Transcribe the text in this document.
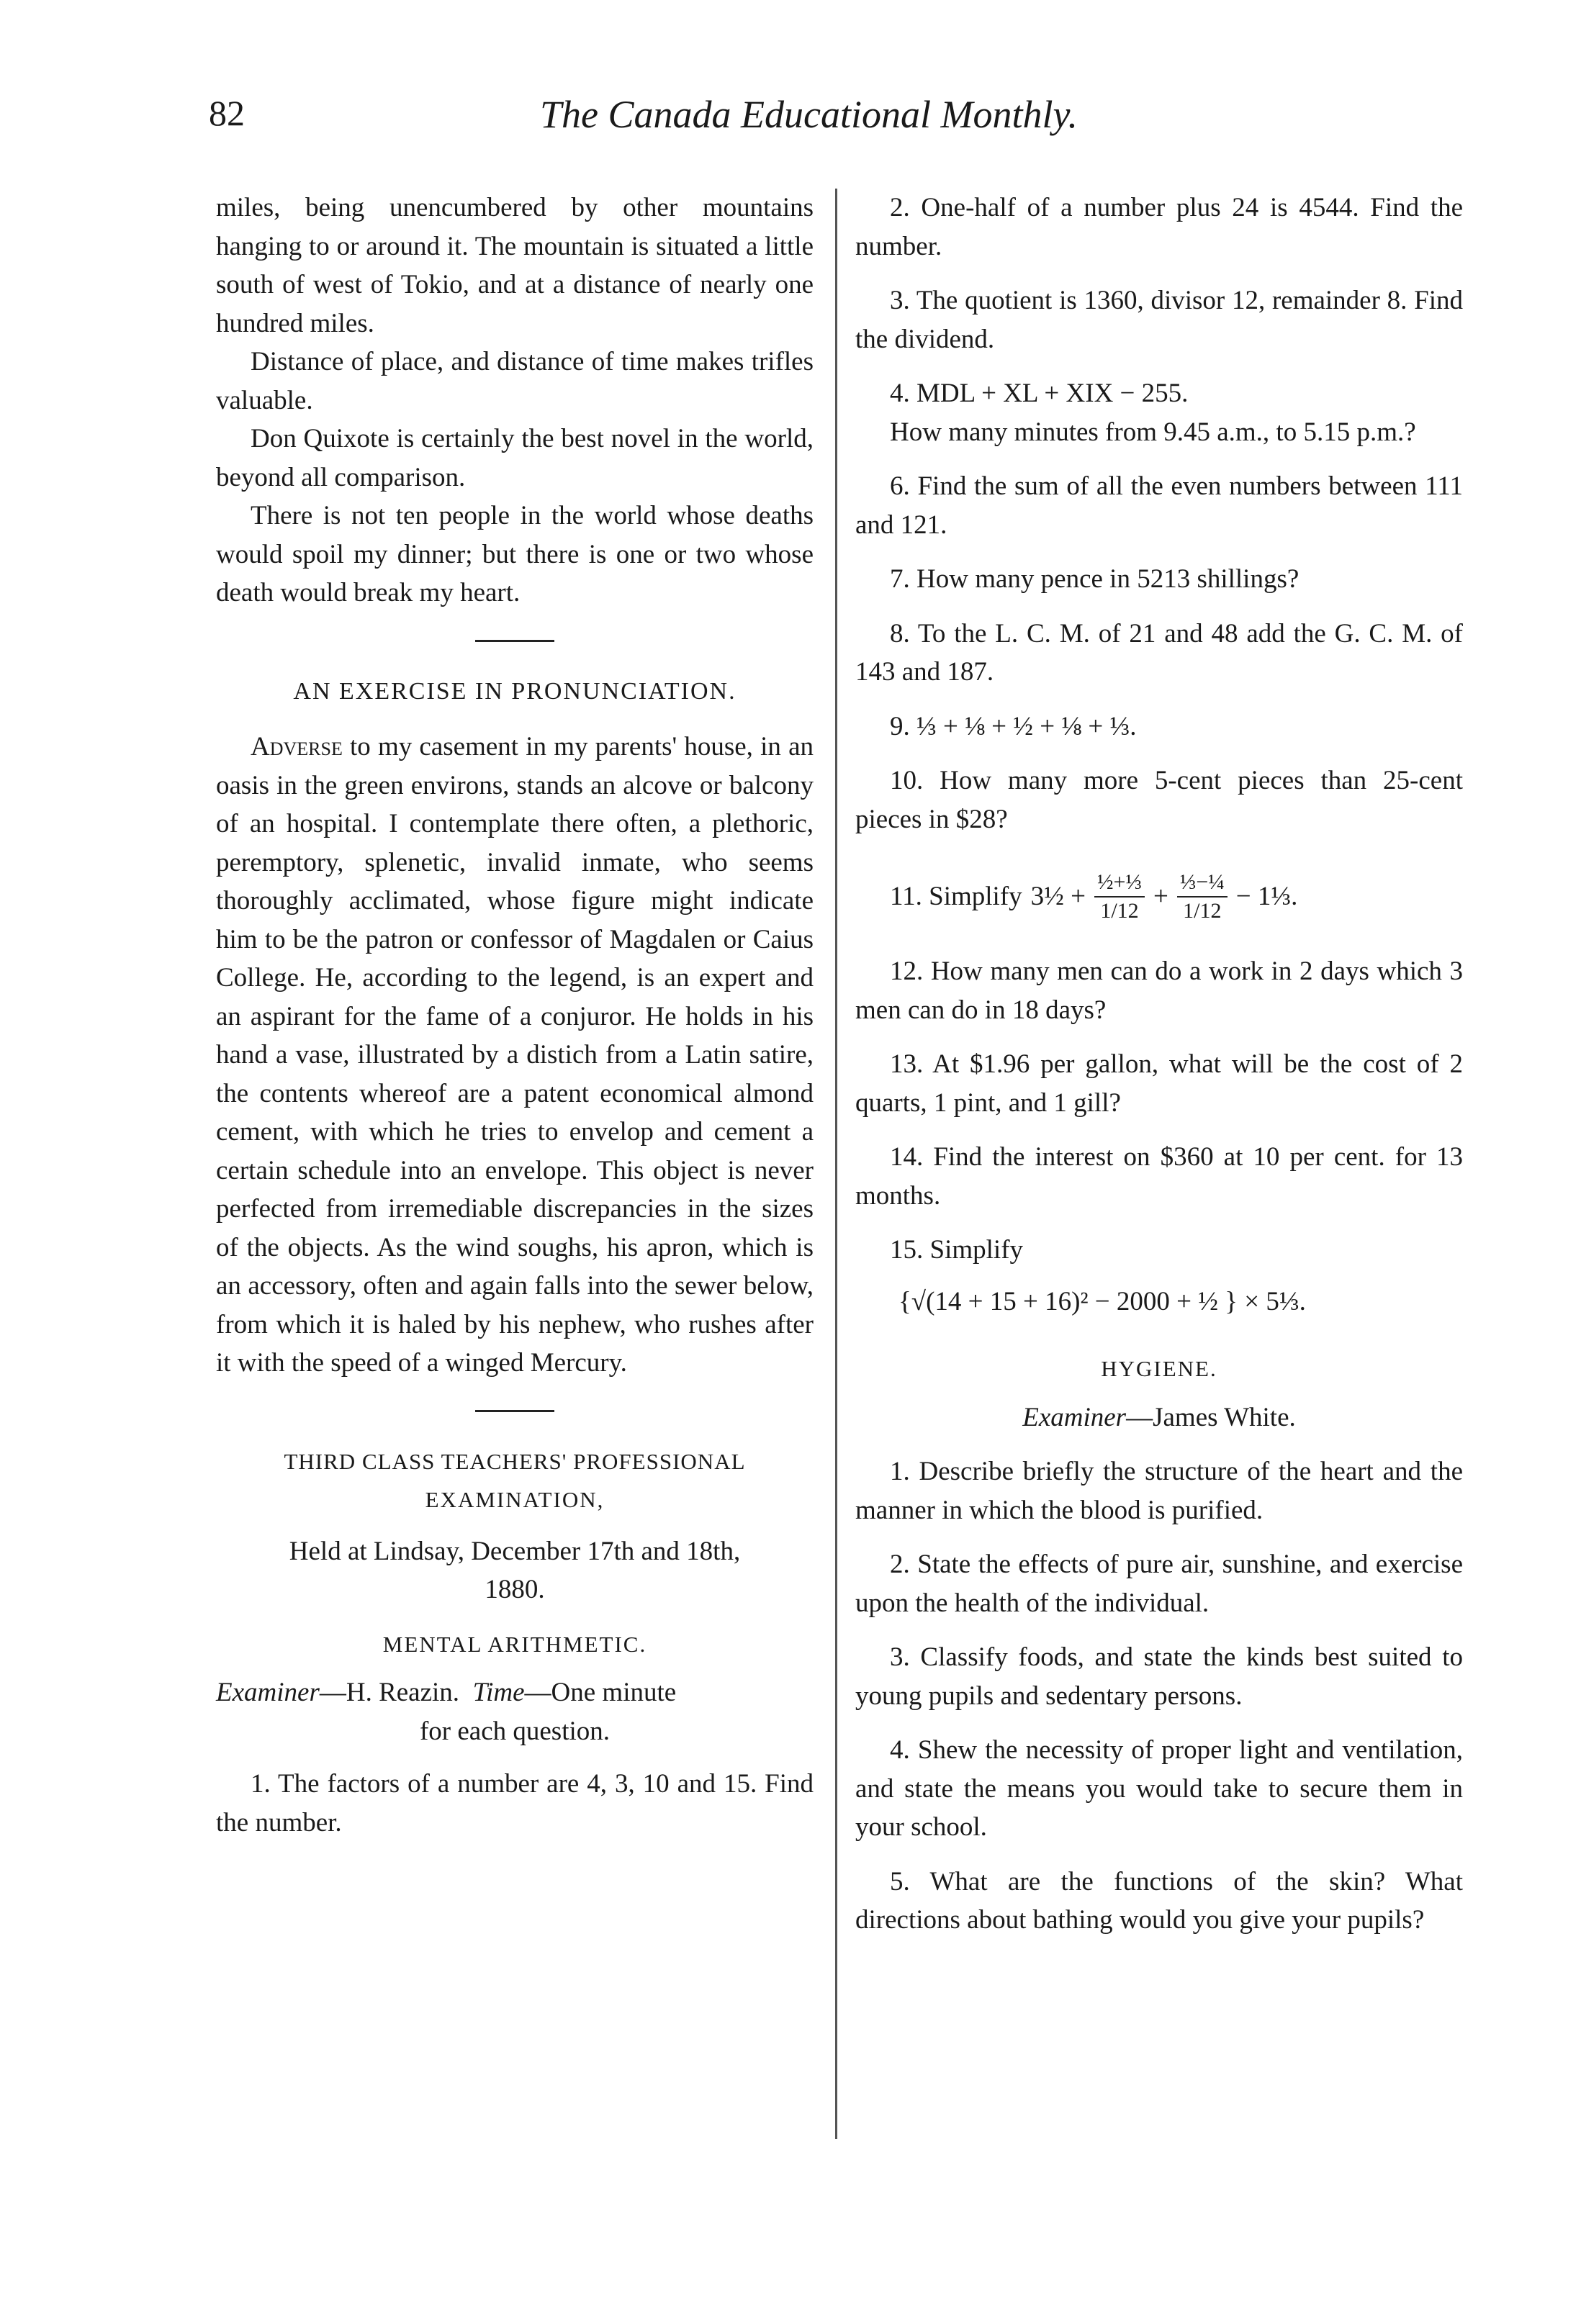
82	The Canada Educational Monthly.

miles, being unencumbered by other mountains hanging to or around it. The mountain is situated a little south of west of Tokio, and at a distance of nearly one hundred miles.

Distance of place, and distance of time makes trifles valuable.

Don Quixote is certainly the best novel in the world, beyond all comparison.

There is not ten people in the world whose deaths would spoil my dinner; but there is one or two whose death would break my heart.

AN EXERCISE IN PRONUNCIATION.

Adverse to my casement in my parents' house, in an oasis in the green environs, stands an alcove or balcony of an hospital. I contemplate there often, a plethoric, peremptory, splenetic, invalid inmate, who seems thoroughly acclimated, whose figure might indicate him to be the patron or confessor of Magdalen or Caius College. He, according to the legend, is an expert and an aspirant for the fame of a conjuror. He holds in his hand a vase, illustrated by a distich from a Latin satire, the contents whereof are a patent economical almond cement, with which he tries to envelop and cement a certain schedule into an envelope. This object is never perfected from irremediable discrepancies in the sizes of the objects. As the wind soughs, his apron, which is an accessory, often and again falls into the sewer below, from which it is haled by his nephew, who rushes after it with the speed of a winged Mercury.

THIRD CLASS TEACHERS' PROFESSIONAL

EXAMINATION,

Held at Lindsay, December 17th and 18th,

1880.

MENTAL ARITHMETIC.

Examiner—H. Reazin. Time—One minute

for each question.

1. The factors of a number are 4, 3, 10 and 15. Find the number.

2. One-half of a number plus 24 is 4544. Find the number.

3. The quotient is 1360, divisor 12, remainder 8. Find the dividend.

4. MDL + XL + XIX − 255.

How many minutes from 9.45 a.m., to 5.15 p.m.?

6. Find the sum of all the even numbers between 111 and 121.

7. How many pence in 5213 shillings?

8. To the L. C. M. of 21 and 48 add the G. C. M. of 143 and 187.

9. ⅓ + ⅛ + ½ + ⅛ + ⅓.

10. How many more 5-cent pieces than 25-cent pieces in $28?

11. Simplify 3½ + ½+⅓
1/12 + ⅓−¼
1/12 − 1⅓.

12. How many men can do a work in 2 days which 3 men can do in 18 days?

13. At $1.96 per gallon, what will be the cost of 2 quarts, 1 pint, and 1 gill?

14. Find the interest on $360 at 10 per cent. for 13 months.

15. Simplify

{√(14 + 15 + 16)² − 2000 + ½ } × 5⅓.

HYGIENE.

Examiner—James White.

1. Describe briefly the structure of the heart and the manner in which the blood is purified.

2. State the effects of pure air, sunshine, and exercise upon the health of the individual.

3. Classify foods, and state the kinds best suited to young pupils and sedentary persons.

4. Shew the necessity of proper light and ventilation, and state the means you would take to secure them in your school.

5. What are the functions of the skin? What directions about bathing would you give your pupils?
